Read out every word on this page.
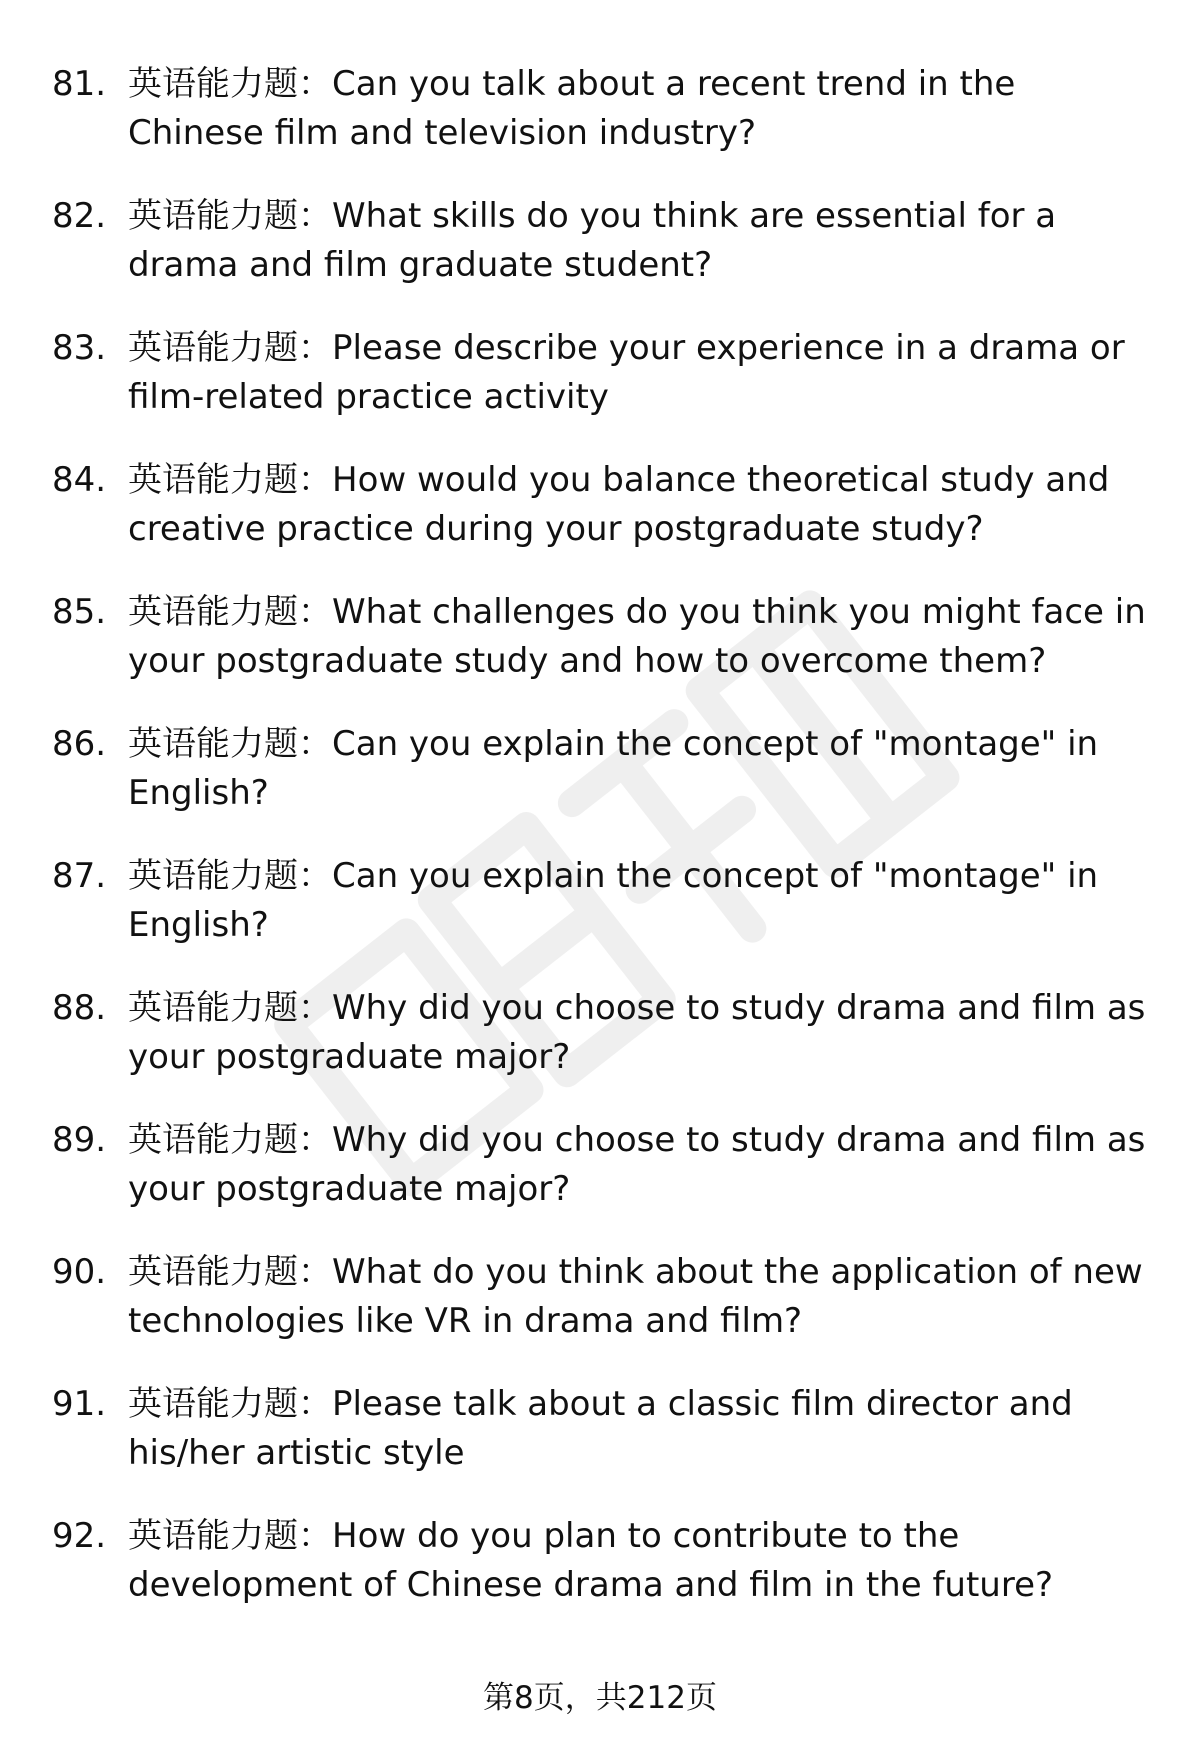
81. 英语能力题：Can you talk about a recent trend in the Chinese film and television industry?
82. 英语能力题：What skills do you think are essential for a drama and film graduate student?
83. 英语能力题：Please describe your experience in a drama or film-related practice activity
84. 英语能力题：How would you balance theoretical study and creative practice during your postgraduate study?
85. 英语能力题：What challenges do you think you might face in your postgraduate study and how to overcome them?
86. 英语能力题：Can you explain the concept of "montage" in English?
87. 英语能力题：Can you explain the concept of "montage" in English?
88. 英语能力题：Why did you choose to study drama and film as your postgraduate major?
89. 英语能力题：Why did you choose to study drama and film as your postgraduate major?
90. 英语能力题：What do you think about the application of new technologies like VR in drama and film?
91. 英语能力题：Please talk about a classic film director and his/her artistic style
92. 英语能力题：How do you plan to contribute to the development of Chinese drama and film in the future?
第8页，共212页
